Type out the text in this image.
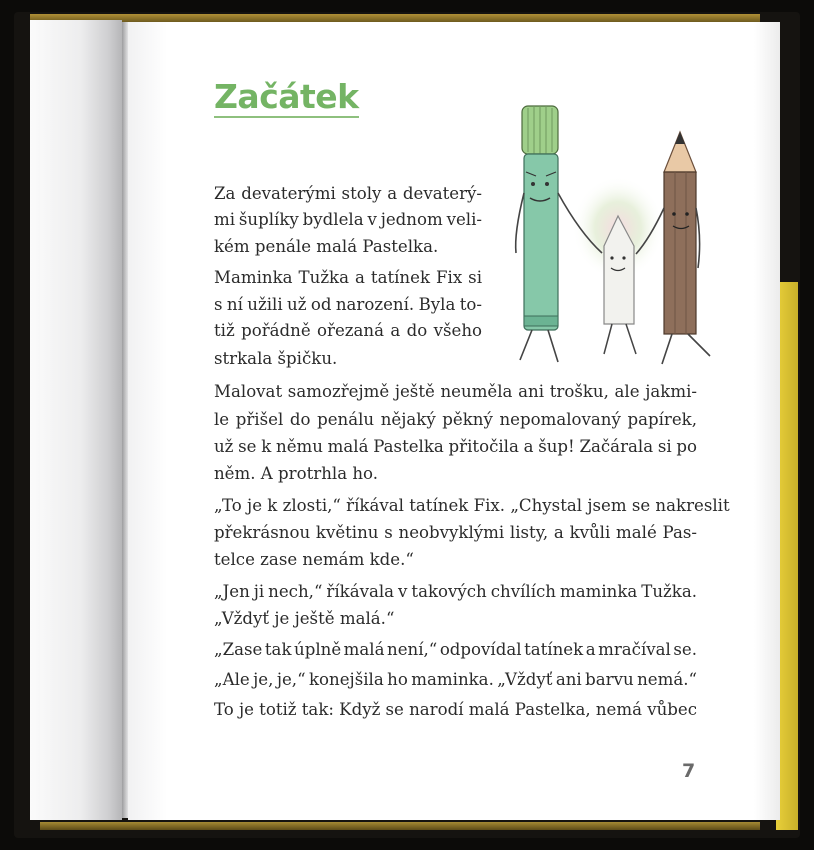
Začátek
Za devaterými stoly a devaterý-
mi šuplíky bydlela v jednom veli-
kém penále malá Pastelka.
Maminka Tužka a tatínek Fix si
s ní užili už od narození. Byla to-
tiž pořádně ořezaná a do všeho
strkala špičku.
Malovat samozřejmě ještě neuměla ani trošku, ale jakmi-
le přišel do penálu nějaký pěkný nepomalovaný papírek,
už se k němu malá Pastelka přitočila a šup! Začárala si po
něm. A protrhla ho.
„To je k zlosti,“ říkával tatínek Fix. „Chystal jsem se nakreslit
překrásnou květinu s neobvyklými listy, a kvůli malé Pas-
telce zase nemám kde.“
„Jen ji nech,“ říkávala v takových chvílích maminka Tužka.
„Vždyť je ještě malá.“
„Zase tak úplně malá není,“ odpovídal tatínek a mračíval se.
„Ale je, je,“ konejšila ho maminka. „Vždyť ani barvu nemá.“
To je totiž tak: Když se narodí malá Pastelka, nemá vůbec
7
